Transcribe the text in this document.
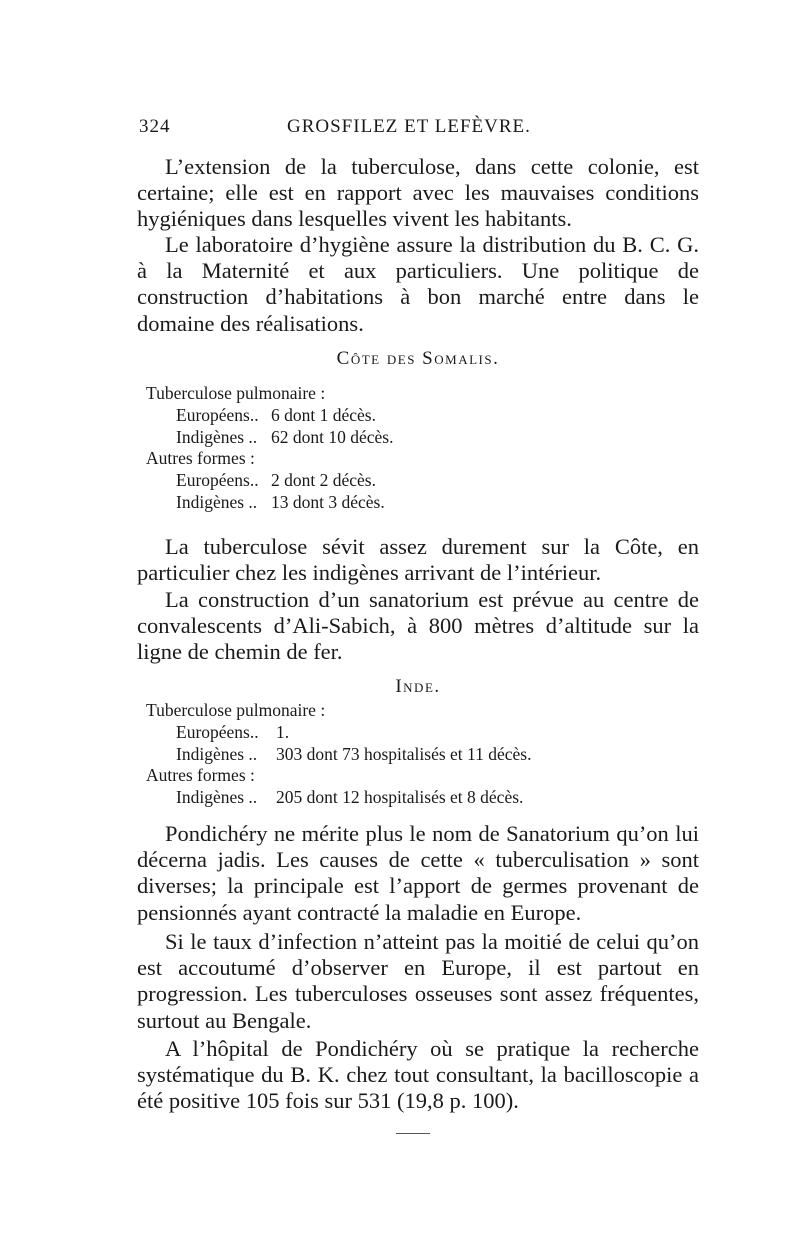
324	GROSFILEZ ET LEFÈVRE.

L’extension de la tuberculose, dans cette colonie, est certaine; elle est en rapport avec les mauvaises conditions hygiéniques dans lesquelles vivent les habitants.

Le laboratoire d’hygiène assure la distribution du B. C. G. à la Maternité et aux particuliers. Une politique de construction d’habitations à bon marché entre dans le domaine des réalisations.

Côte des Somalis.

Tuberculose pulmonaire :
Européens.. 6 dont 1 décès.
Indigènes .. 62 dont 10 décès.
Autres formes :
Européens.. 2 dont 2 décès.
Indigènes .. 13 dont 3 décès.

La tuberculose sévit assez durement sur la Côte, en particulier chez les indigènes arrivant de l’intérieur.

La construction d’un sanatorium est prévue au centre de convalescents d’Ali-Sabich, à 800 mètres d’altitude sur la ligne de chemin de fer.

Inde.

Tuberculose pulmonaire :
Européens.. 1.
Indigènes ..	303 dont 73 hospitalisés et 11 décès.
Autres formes :
Indigènes ..	205 dont 12 hospitalisés et 8 décès.

Pondichéry ne mérite plus le nom de Sanatorium qu’on lui décerna jadis. Les causes de cette « tuberculisation » sont diverses; la principale est l’apport de germes provenant de pensionnés ayant contracté la maladie en Europe.

Si le taux d’infection n’atteint pas la moitié de celui qu’on est accoutumé d’observer en Europe, il est partout en progression. Les tuberculoses osseuses sont assez fréquentes, surtout au Bengale.

A l’hôpital de Pondichéry où se pratique la recherche systématique du B. K. chez tout consultant, la bacilloscopie a été positive 105 fois sur 531 (19,8 p. 100).
